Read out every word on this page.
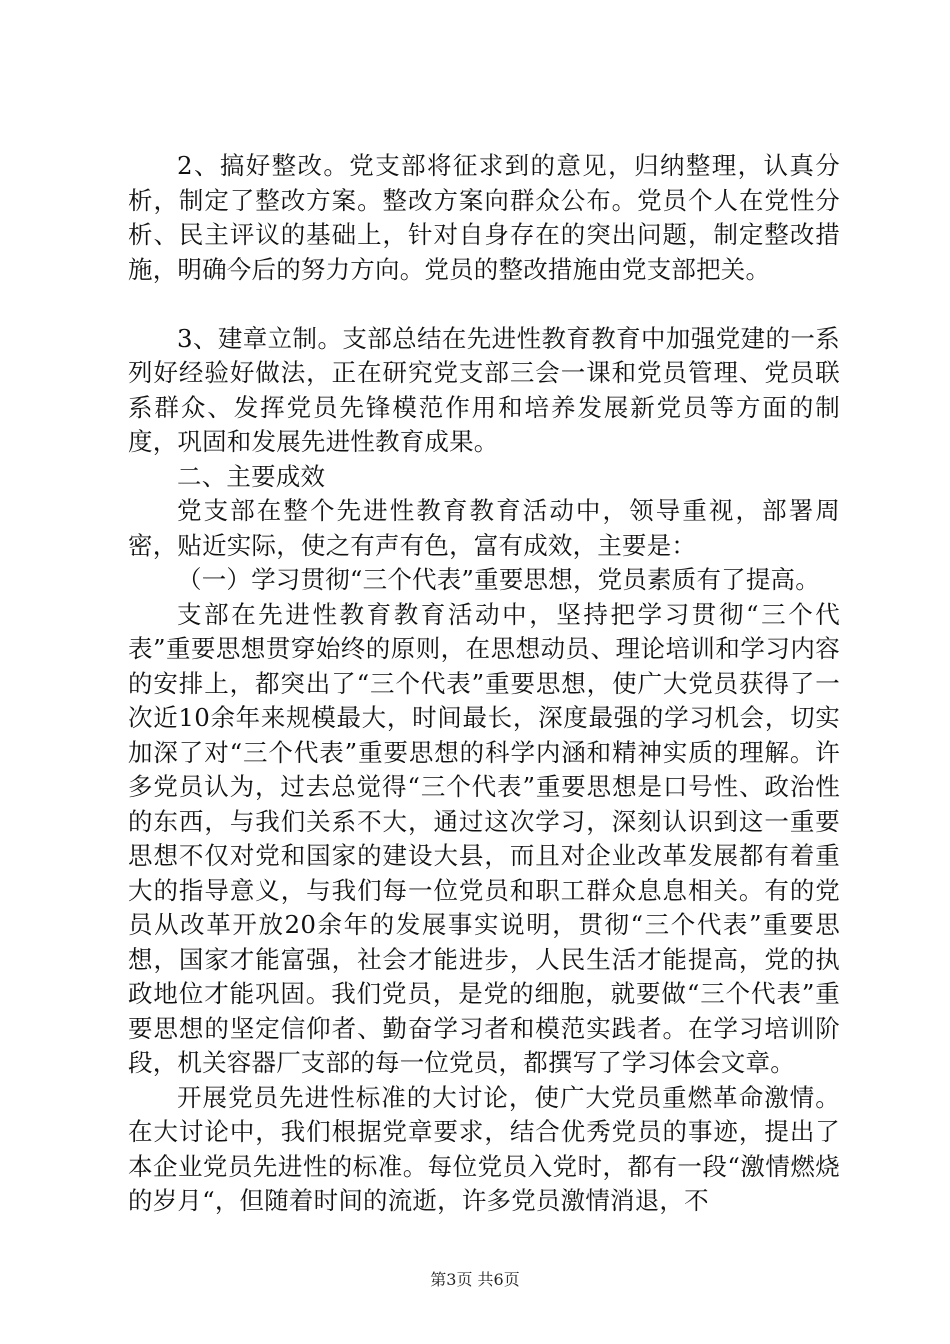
2、搞好整改。党支部将征求到的意见，归纳整理，认真分析，制定了整改方案。整改方案向群众公布。党员个人在党性分析、民主评议的基础上，针对自身存在的突出问题，制定整改措施，明确今后的努力方向。党员的整改措施由党支部把关。

3、建章立制。支部总结在先进性教育教育中加强党建的一系列好经验好做法，正在研究党支部三会一课和党员管理、党员联系群众、发挥党员先锋模范作用和培养发展新党员等方面的制度，巩固和发展先进性教育成果。

二、主要成效

党支部在整个先进性教育教育活动中，领导重视，部署周密，贴近实际，使之有声有色，富有成效，主要是：

（一）学习贯彻“三个代表”重要思想，党员素质有了提高。

支部在先进性教育教育活动中，坚持把学习贯彻“三个代表”重要思想贯穿始终的原则，在思想动员、理论培训和学习内容的安排上，都突出了“三个代表”重要思想，使广大党员获得了一次近10余年来规模最大，时间最长，深度最强的学习机会，切实加深了对“三个代表”重要思想的科学内涵和精神实质的理解。许多党员认为，过去总觉得“三个代表”重要思想是口号性、政治性的东西，与我们关系不大，通过这次学习，深刻认识到这一重要思想不仅对党和国家的建设大县，而且对企业改革发展都有着重大的指导意义，与我们每一位党员和职工群众息息相关。有的党员从改革开放20余年的发展事实说明，贯彻“三个代表”重要思想，国家才能富强，社会才能进步，人民生活才能提高，党的执政地位才能巩固。我们党员，是党的细胞，就要做“三个代表”重要思想的坚定信仰者、勤奋学习者和模范实践者。在学习培训阶段，机关容器厂支部的每一位党员，都撰写了学习体会文章。

开展党员先进性标准的大讨论，使广大党员重燃革命激情。在大讨论中，我们根据党章要求，结合优秀党员的事迹，提出了本企业党员先进性的标准。每位党员入党时，都有一段“激情燃烧的岁月“，但随着时间的流逝，许多党员激情消退，不

第3页 共6页
